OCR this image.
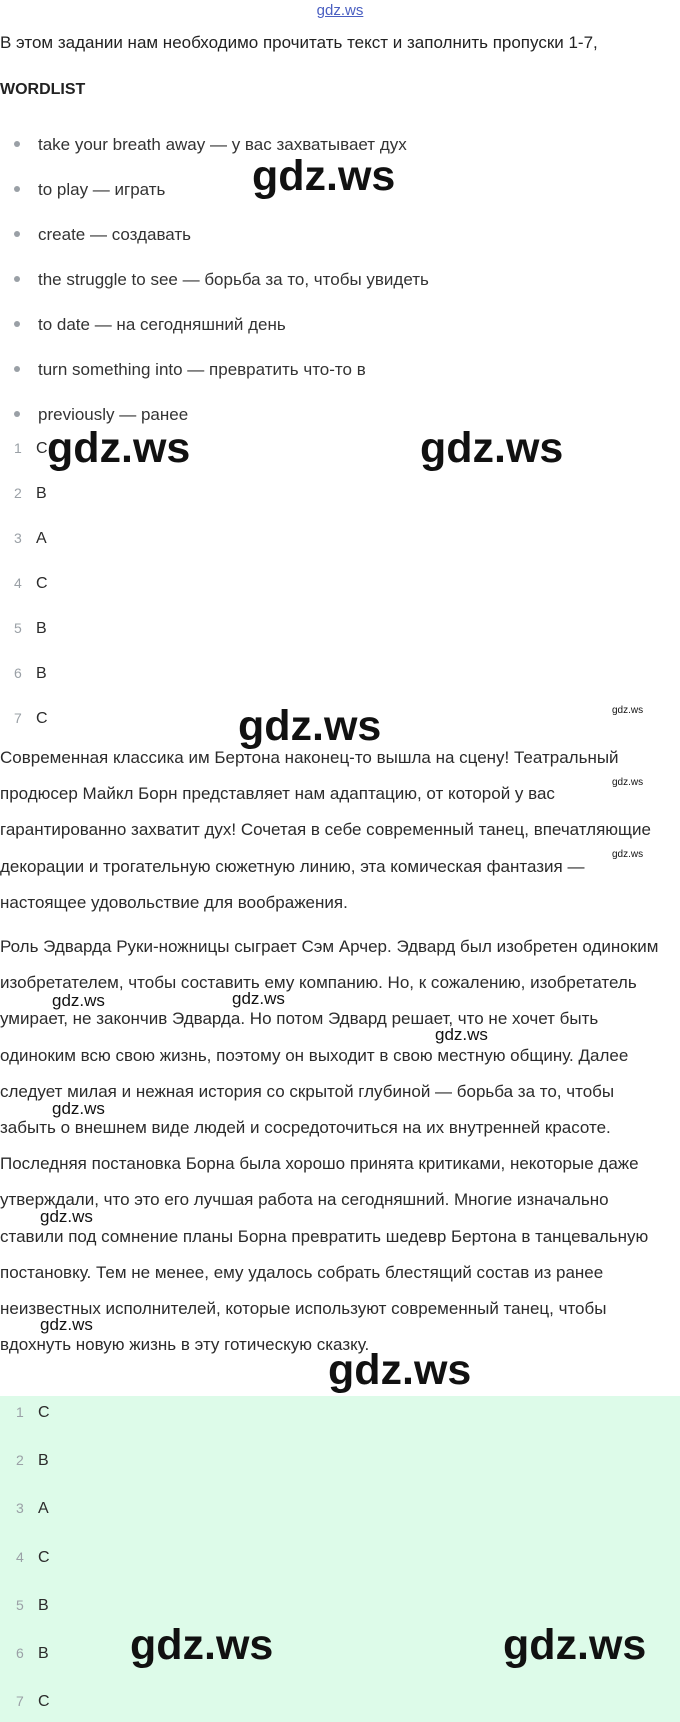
gdz.ws
В этом задании нам необходимо прочитать текст и заполнить пропуски 1-7,
WORDLIST
take your breath away — у вас захватывает дух
to play — играть
create — создавать
the struggle to see — борьба за то, чтобы увидеть
to date — на сегодняшний день
turn something into — превратить что-то в
previously — ранее
1 C
2 B
3 A
4 C
5 B
6 B
7 C

Современная классика им Бертона наконец-то вышла на сцену! Театральный продюсер Майкл Борн представляет нам адаптацию, от которой у вас гарантированно захватит дух! Сочетая в себе современный танец, впечатляющие декорации и трогательную сюжетную линию, эта комическая фантазия — настоящее удовольствие для воображения.

Роль Эдварда Руки-ножницы сыграет Сэм Арчер. Эдвард был изобретен одиноким изобретателем, чтобы составить ему компанию. Но, к сожалению, изобретатель умирает, не закончив Эдварда. Но потом Эдвард решает, что не хочет быть одиноким всю свою жизнь, поэтому он выходит в свою местную общину. Далее следует милая и нежная история со скрытой глубиной — борьба за то, чтобы забыть о внешнем виде людей и сосредоточиться на их внутренней красоте. Последняя постановка Борна была хорошо принята критиками, некоторые даже утверждали, что это его лучшая работа на сегодняшний. Многие изначально ставили под сомнение планы Борна превратить шедевр Бертона в танцевальную постановку. Тем не менее, ему удалось собрать блестящий состав из ранее неизвестных исполнителей, которые используют современный танец, чтобы вдохнуть новую жизнь в эту готическую сказку.

1 C
2 B
3 A
4 C
5 B
6 B
7 C
gdz.ws
gdz.ws	gdz.ws
gdz.ws
gdz.ws
gdz.ws	gdz.ws
gdz.ws	gdz.ws
gdz.ws
gdz.ws
gdz.ws
gdz.ws
gdz.ws
gdz.ws
gdz.ws
